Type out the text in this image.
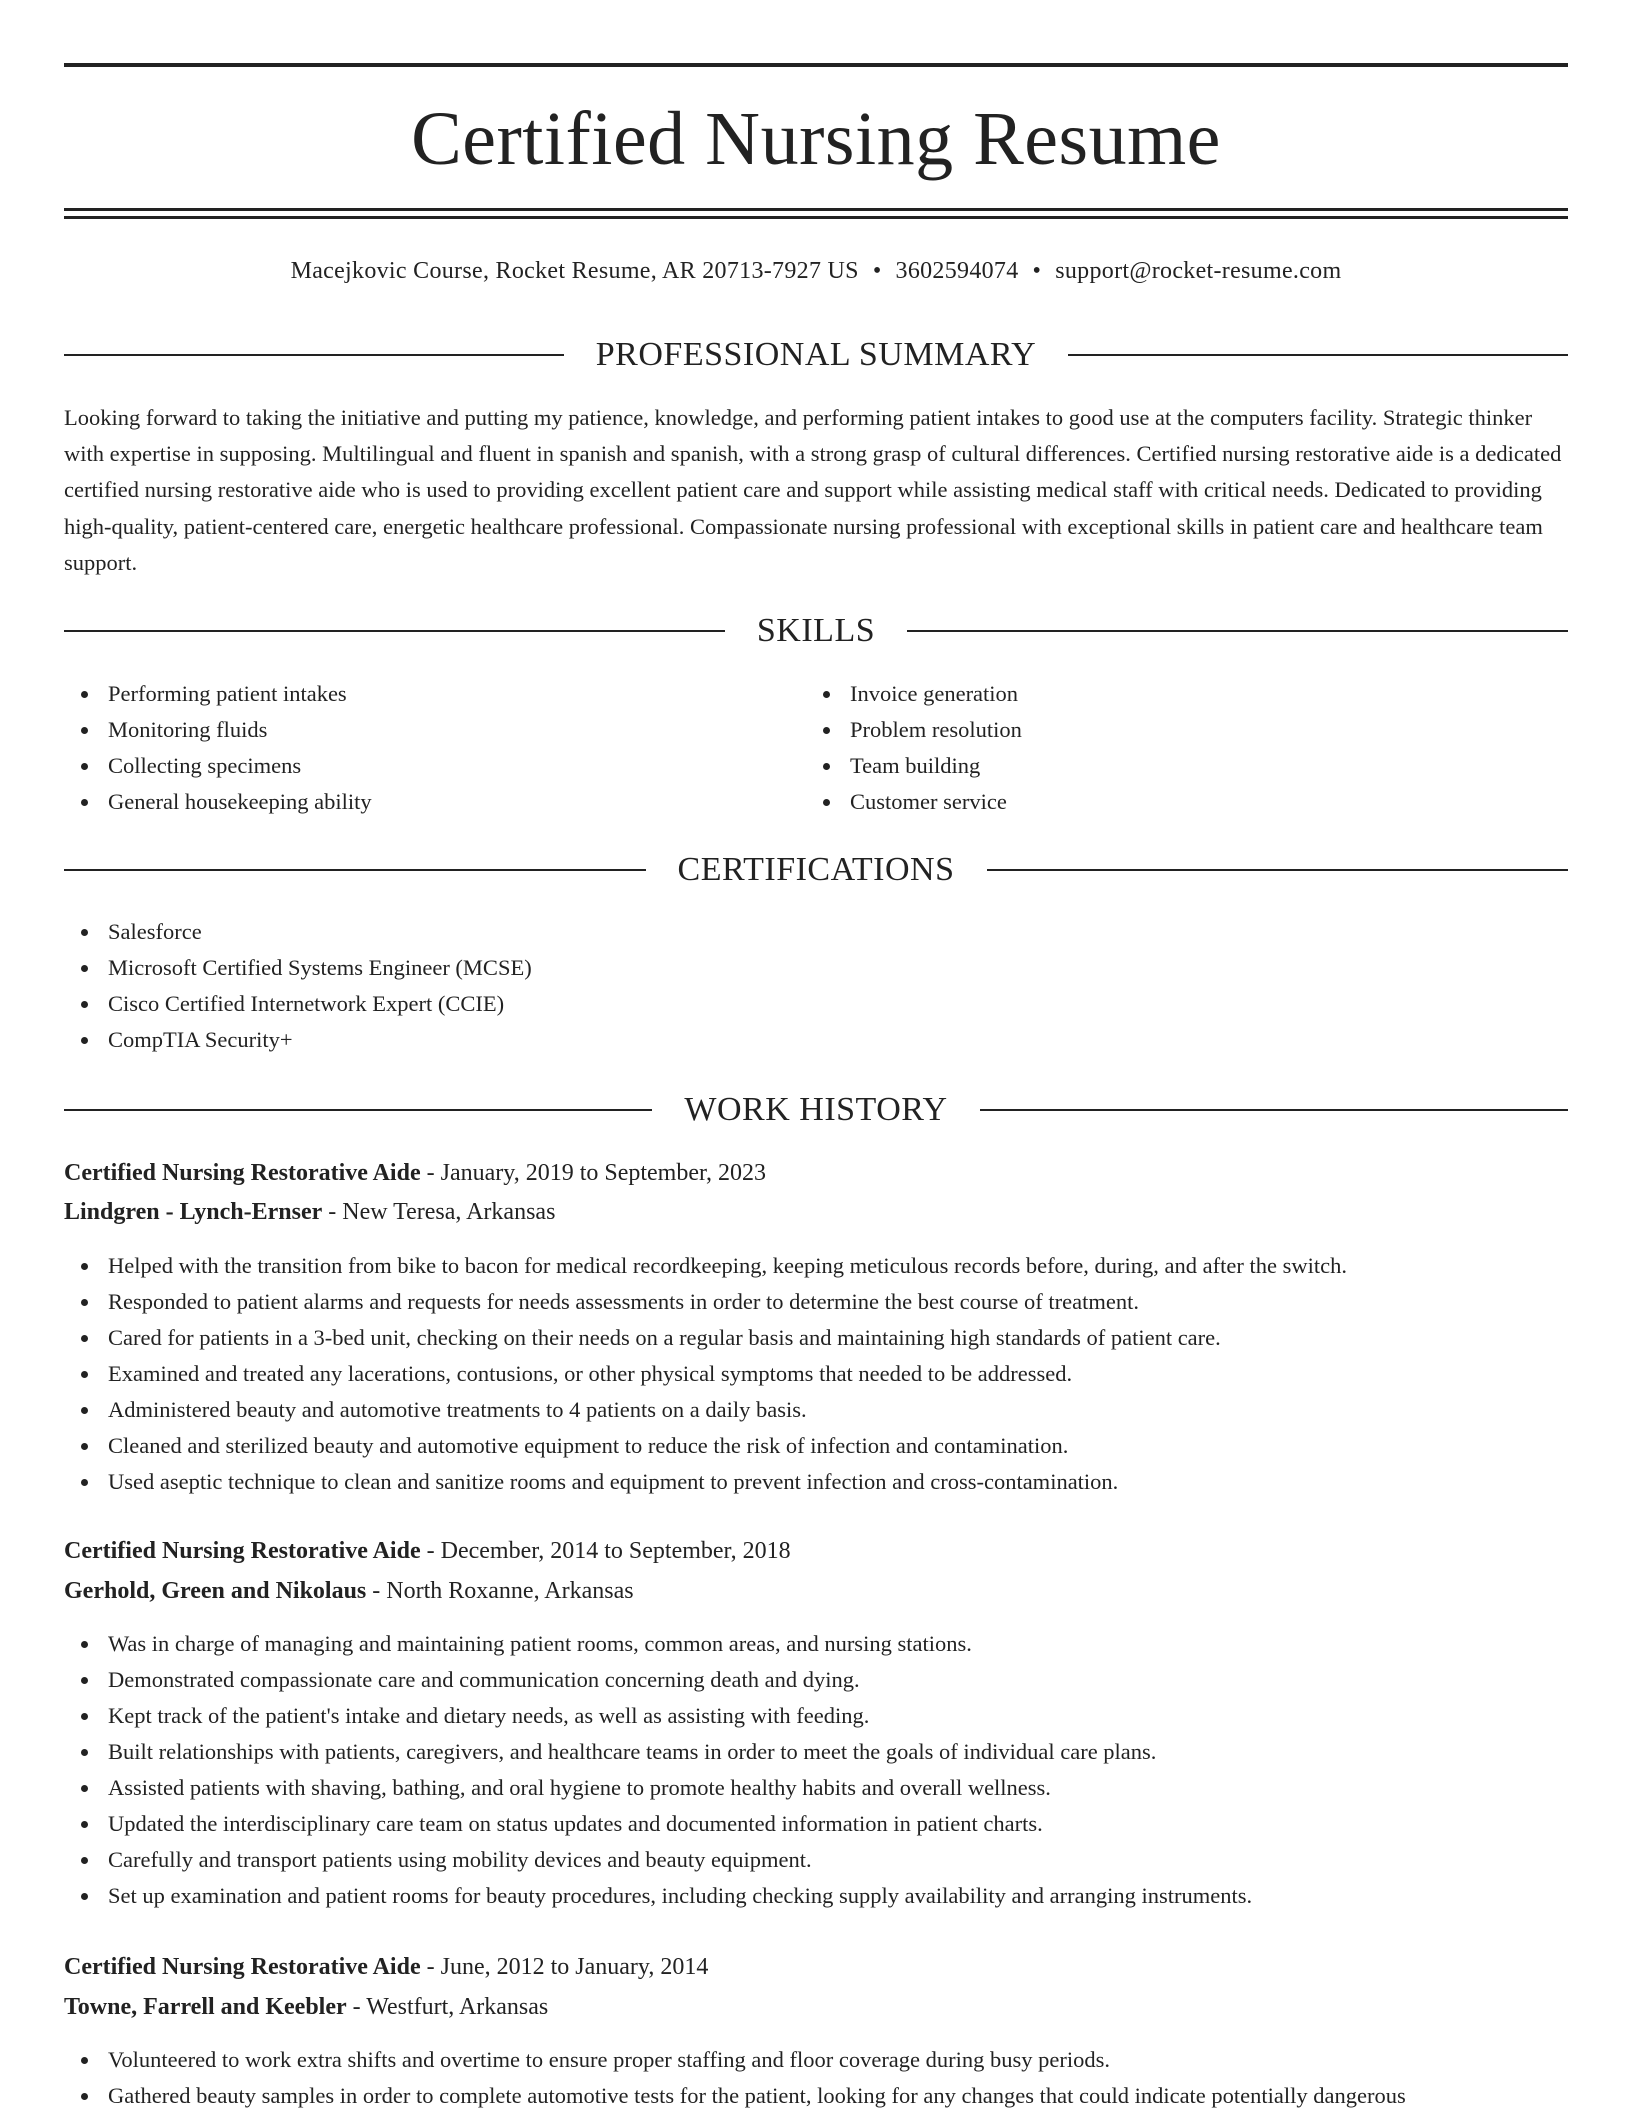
Certified Nursing Resume
Macejkovic Course, Rocket Resume, AR 20713-7927 US • 3602594074 • support@rocket-resume.com
PROFESSIONAL SUMMARY

Looking forward to taking the initiative and putting my patience, knowledge, and performing patient intakes to good use at the computers facility. Strategic thinker with expertise in supposing. Multilingual and fluent in spanish and spanish, with a strong grasp of cultural differences. Certified nursing restorative aide is a dedicated certified nursing restorative aide who is used to providing excellent patient care and support while assisting medical staff with critical needs. Dedicated to providing high-quality, patient-centered care, energetic healthcare professional. Compassionate nursing professional with exceptional skills in patient care and healthcare team support.

SKILLS
Performing patient intakes
Monitoring fluids
Collecting specimens
General housekeeping ability
Invoice generation
Problem resolution
Team building
Customer service
CERTIFICATIONS
Salesforce
Microsoft Certified Systems Engineer (MCSE)
Cisco Certified Internetwork Expert (CCIE)
CompTIA Security+
WORK HISTORY
Certified Nursing Restorative Aide - January, 2019 to September, 2023
Lindgren - Lynch-Ernser - New Teresa, Arkansas
Helped with the transition from bike to bacon for medical recordkeeping, keeping meticulous records before, during, and after the switch.
Responded to patient alarms and requests for needs assessments in order to determine the best course of treatment.
Cared for patients in a 3-bed unit, checking on their needs on a regular basis and maintaining high standards of patient care.
Examined and treated any lacerations, contusions, or other physical symptoms that needed to be addressed.
Administered beauty and automotive treatments to 4 patients on a daily basis.
Cleaned and sterilized beauty and automotive equipment to reduce the risk of infection and contamination.
Used aseptic technique to clean and sanitize rooms and equipment to prevent infection and cross-contamination.
Certified Nursing Restorative Aide - December, 2014 to September, 2018
Gerhold, Green and Nikolaus - North Roxanne, Arkansas
Was in charge of managing and maintaining patient rooms, common areas, and nursing stations.
Demonstrated compassionate care and communication concerning death and dying.
Kept track of the patient's intake and dietary needs, as well as assisting with feeding.
Built relationships with patients, caregivers, and healthcare teams in order to meet the goals of individual care plans.
Assisted patients with shaving, bathing, and oral hygiene to promote healthy habits and overall wellness.
Updated the interdisciplinary care team on status updates and documented information in patient charts.
Carefully and transport patients using mobility devices and beauty equipment.
Set up examination and patient rooms for beauty procedures, including checking supply availability and arranging instruments.
Certified Nursing Restorative Aide - June, 2012 to January, 2014
Towne, Farrell and Keebler - Westfurt, Arkansas
Volunteered to work extra shifts and overtime to ensure proper staffing and floor coverage during busy periods.
Gathered beauty samples in order to complete automotive tests for the patient, looking for any changes that could indicate potentially dangerous
